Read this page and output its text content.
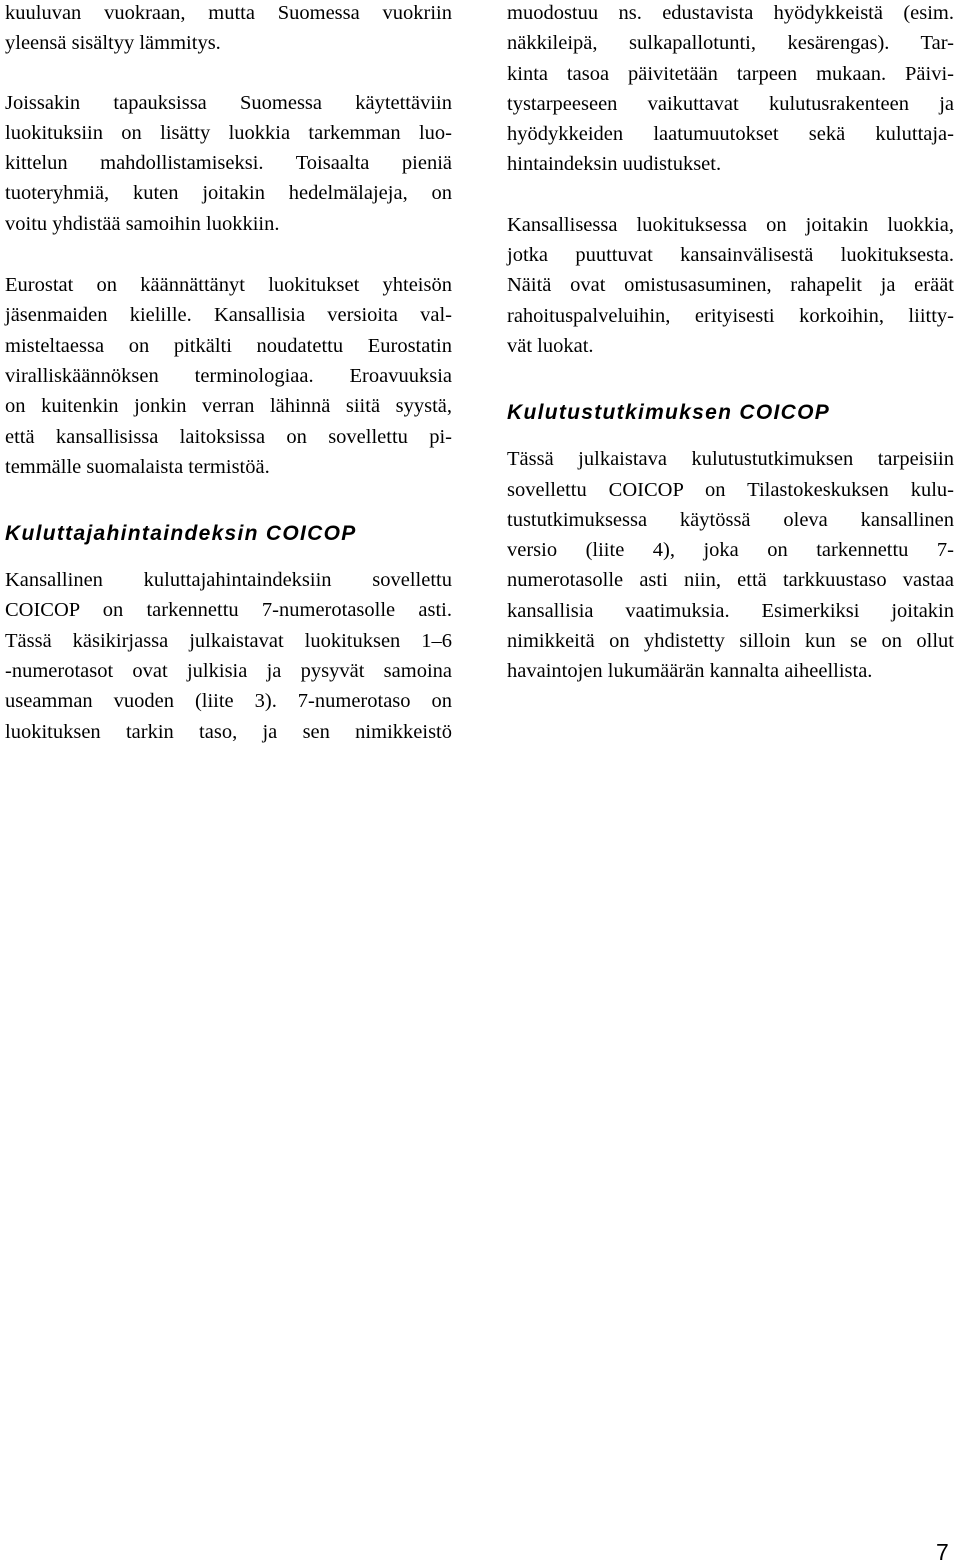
kuuluvan vuokraan, mutta Suomessa vuokriin
yleensä sisältyy lämmitys.
Joissakin tapauksissa Suomessa käytettäviin
luokituksiin on lisätty luokkia tarkemman luo-
kittelun mahdollistamiseksi. Toisaalta pieniä
tuoteryhmiä, kuten joitakin hedelmälajeja, on
voitu yhdistää samoihin luokkiin.
Eurostat on käännättänyt luokitukset yhteisön
jäsenmaiden kielille. Kansallisia versioita val-
misteltaessa on pitkälti noudatettu Eurostatin
viralliskäännöksen terminologiaa. Eroavuuksia
on kuitenkin jonkin verran lähinnä siitä syystä,
että kansallisissa laitoksissa on sovellettu pi-
temmälle suomalaista termistöä.
Kuluttajahintaindeksin COICOP
Kansallinen kuluttajahintaindeksiin sovellettu
COICOP on tarkennettu 7-numerotasolle asti.
Tässä käsikirjassa julkaistavat luokituksen 1–6
-numerotasot ovat julkisia ja pysyvät samoina
useamman vuoden (liite 3). 7-numerotaso on
luokituksen tarkin taso, ja sen nimikkeistö
muodostuu ns. edustavista hyödykkeistä (esim.
näkkileipä, sulkapallotunti, kesärengas). Tar-
kinta tasoa päivitetään tarpeen mukaan. Päivi-
tystarpeeseen vaikuttavat kulutusrakenteen ja
hyödykkeiden laatumuutokset sekä kuluttaja-
hintaindeksin uudistukset.
Kansallisessa luokituksessa on joitakin luokkia,
jotka puuttuvat kansainvälisestä luokituksesta.
Näitä ovat omistusasuminen, rahapelit ja eräät
rahoituspalveluihin, erityisesti korkoihin, liitty-
vät luokat.
Kulutustutkimuksen COICOP
Tässä julkaistava kulutustutkimuksen tarpeisiin
sovellettu COICOP on Tilastokeskuksen kulu-
tustutkimuksessa käytössä oleva kansallinen
versio (liite 4), joka on tarkennettu 7-
numerotasolle asti niin, että tarkkuustaso vastaa
kansallisia vaatimuksia. Esimerkiksi joitakin
nimikkeitä on yhdistetty silloin kun se on ollut
havaintojen lukumäärän kannalta aiheellista.
7
